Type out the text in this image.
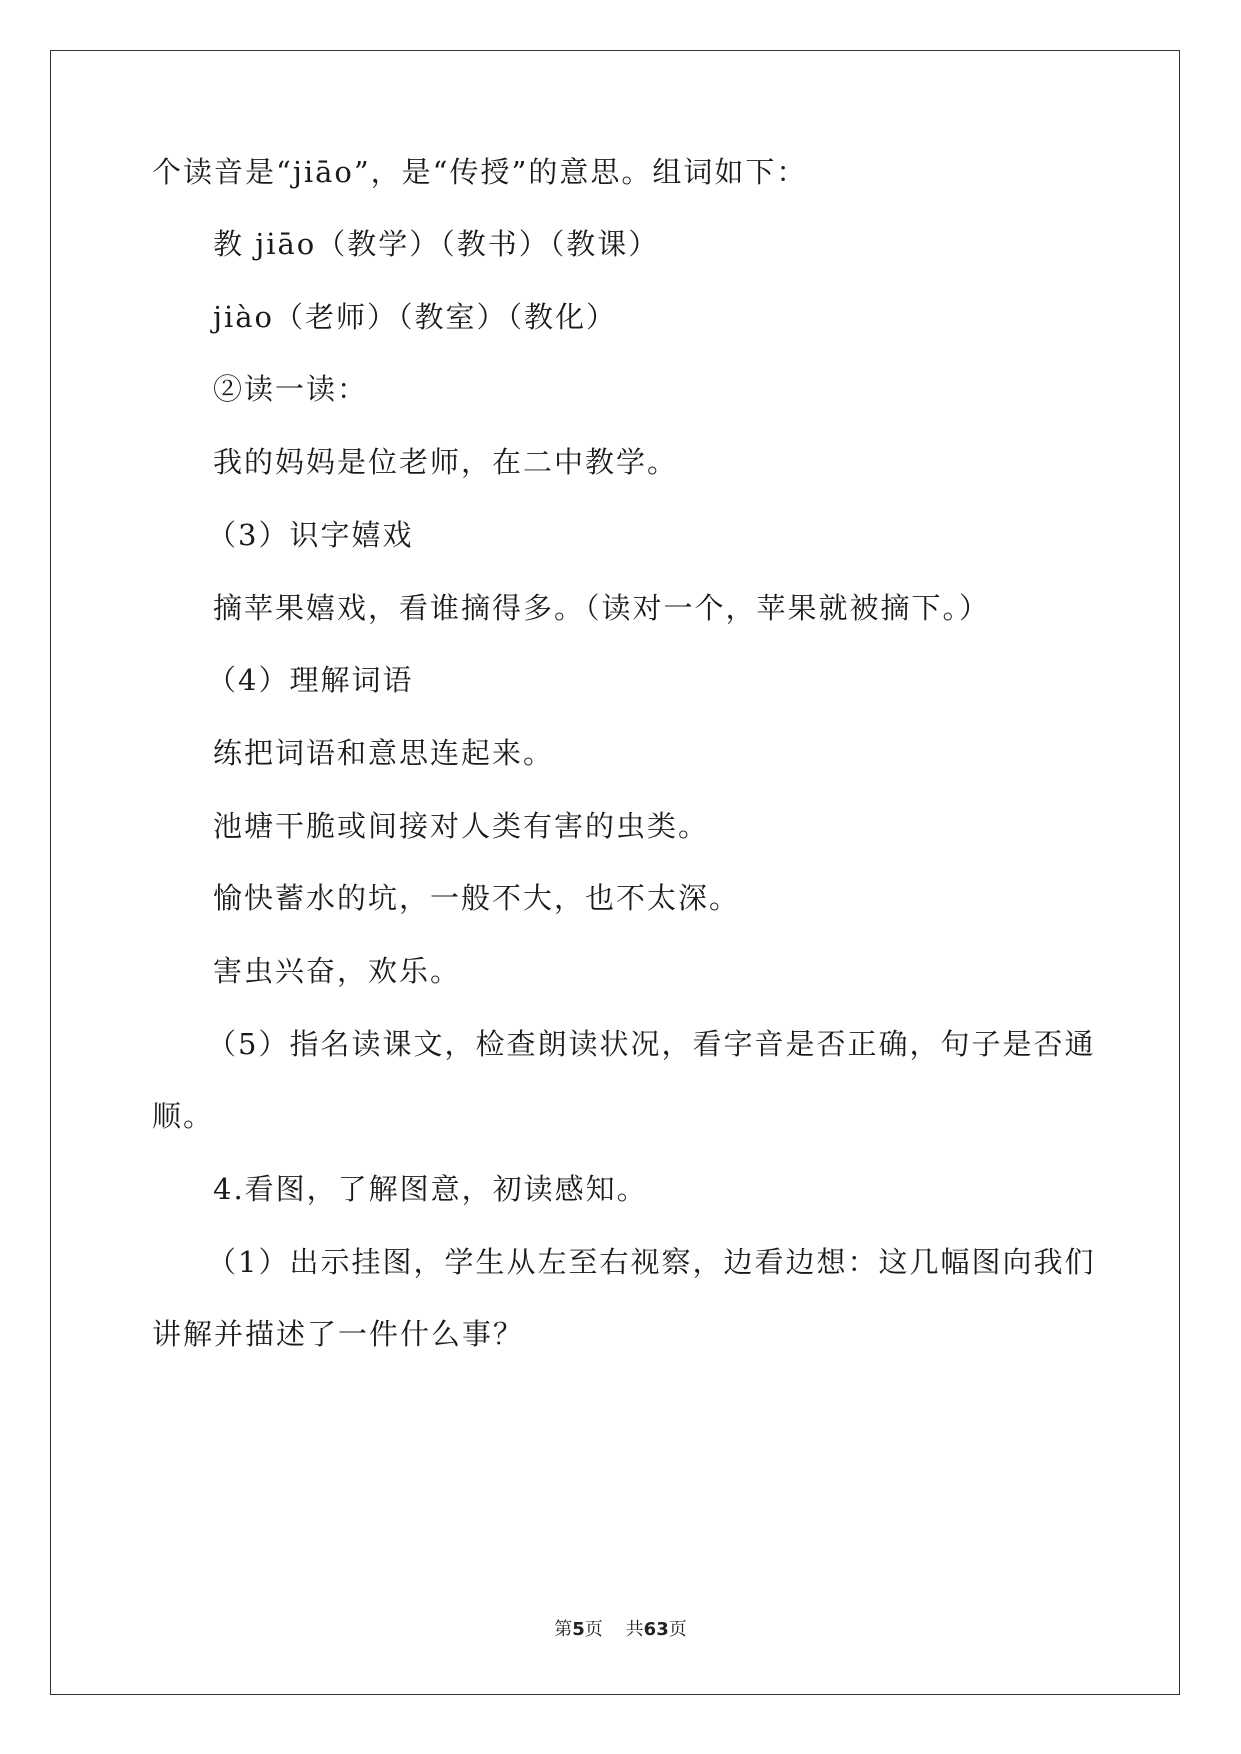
个读音是“jiāo”，是“传授”的意思。组词如下：
教 jiāo（教学）（教书）（教课）
jiào（老师）（教室）（教化）
②读一读：
我的妈妈是位老师，在二中教学。
（3）识字嬉戏
摘苹果嬉戏，看谁摘得多。（读对一个，苹果就被摘下。）
（4）理解词语
练把词语和意思连起来。
池塘干脆或间接对人类有害的虫类。
愉快蓄水的坑，一般不大，也不太深。
害虫兴奋，欢乐。
（5）指名读课文，检查朗读状况，看字音是否正确，句子是否通
顺。
4.看图，了解图意，初读感知。
（1）出示挂图，学生从左至右视察，边看边想：这几幅图向我们
讲解并描述了一件什么事？
第5页 共63页
